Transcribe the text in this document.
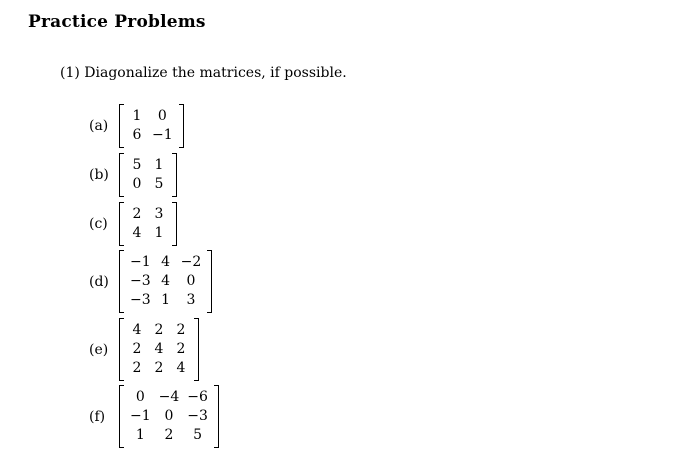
Practice Problems
(1) Diagonalize the matrices, if possible.
(a)
1	0
6	−1
(b)
5	1
0	5
(c)
2	3
4	1
(d)
−1	4	−2
−3	4	0
−3	1	3
(e)
4	2	2
2	4	2
2	2	4
(f)
0	−4	−6
−1	0	−3
1	2	5
